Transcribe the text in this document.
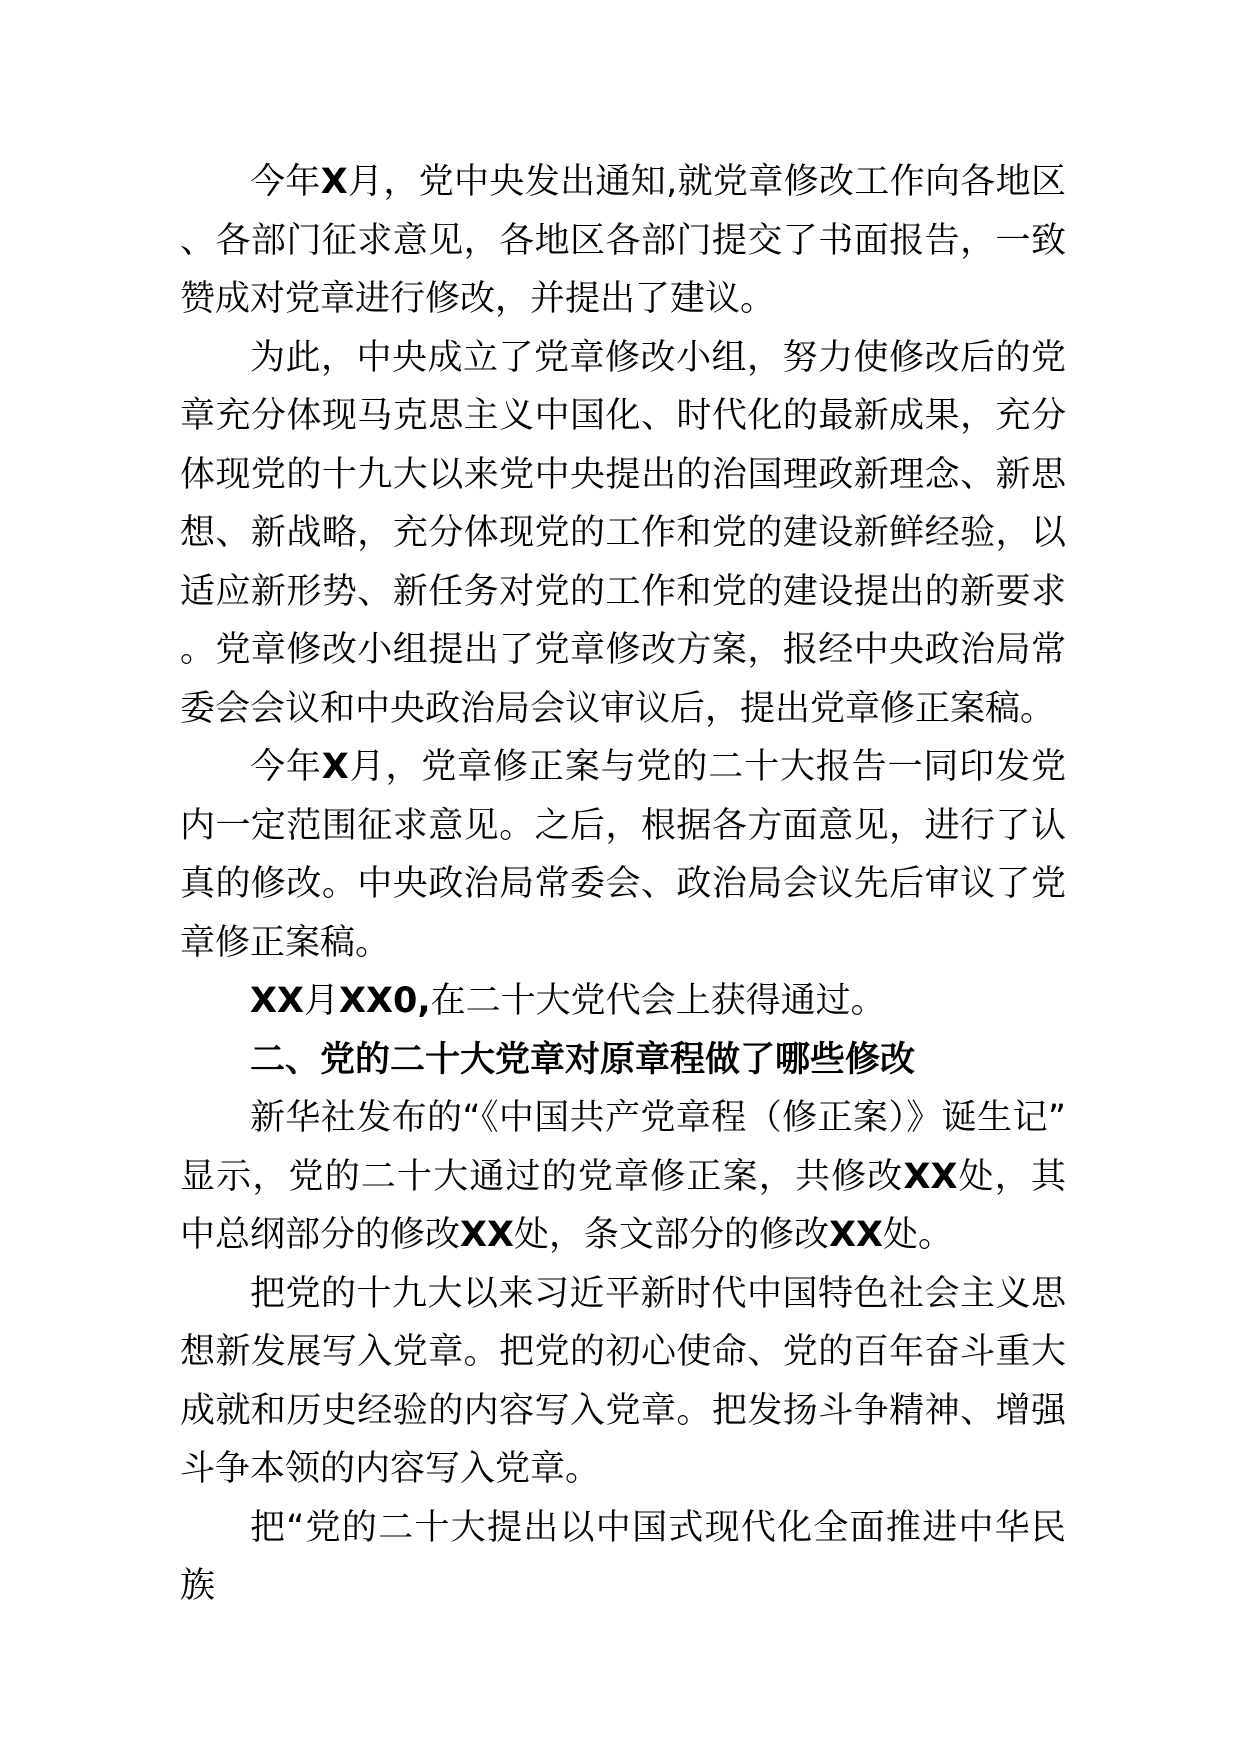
今年X月，党中央发出通知,就党章修改工作向各地区、各部门征求意见，各地区各部门提交了书面报告，一致赞成对党章进行修改，并提出了建议。

为此，中央成立了党章修改小组，努力使修改后的党章充分体现马克思主义中国化、时代化的最新成果，充分体现党的十九大以来党中央提出的治国理政新理念、新思想、新战略，充分体现党的工作和党的建设新鲜经验，以适应新形势、新任务对党的工作和党的建设提出的新要求。党章修改小组提出了党章修改方案，报经中央政治局常委会会议和中央政治局会议审议后，提出党章修正案稿。

今年X月，党章修正案与党的二十大报告一同印发党内一定范围征求意见。之后，根据各方面意见，进行了认真的修改。中央政治局常委会、政治局会议先后审议了党章修正案稿。

XX月XX0,在二十大党代会上获得通过。

二、党的二十大党章对原章程做了哪些修改

新华社发布的“《中国共产党章程（修正案）》诞生记”显示，党的二十大通过的党章修正案，共修改XX处，其中总纲部分的修改XX处，条文部分的修改XX处。

把党的十九大以来习近平新时代中国特色社会主义思想新发展写入党章。把党的初心使命、党的百年奋斗重大成就和历史经验的内容写入党章。把发扬斗争精神、增强斗争本领的内容写入党章。

把“党的二十大提出以中国式现代化全面推进中华民族
